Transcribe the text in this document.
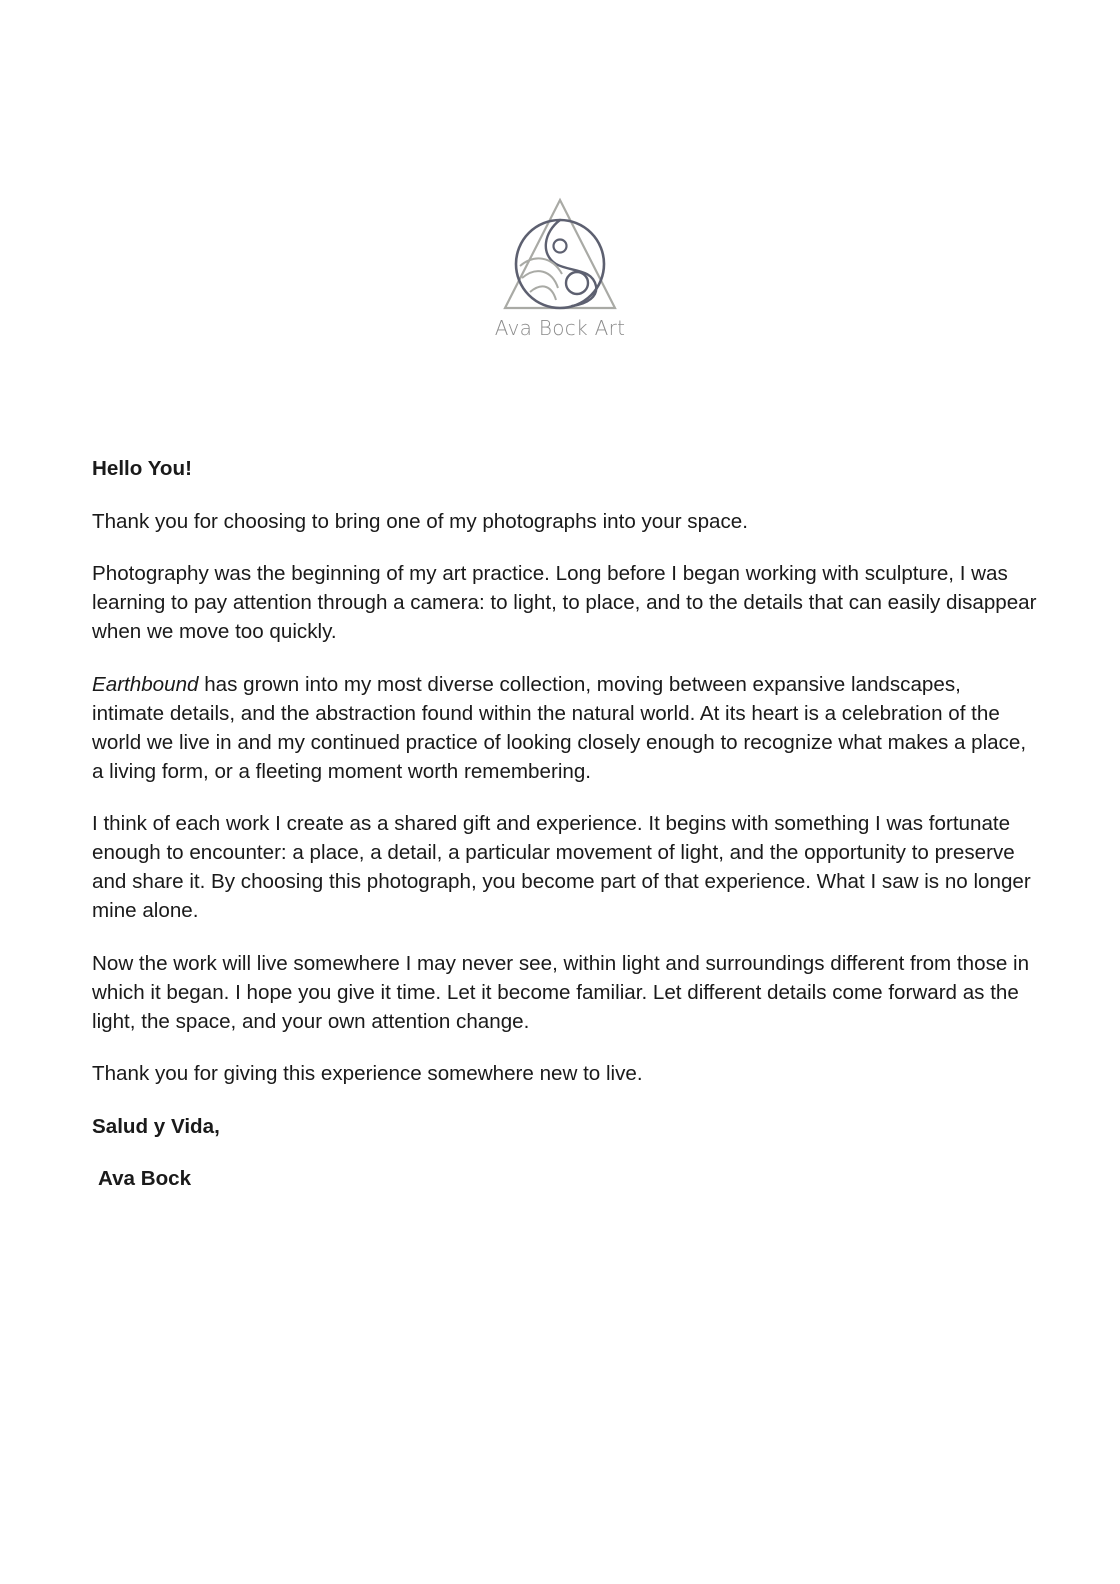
Ava Bock Art

Hello You!

Thank you for choosing to bring one of my photographs into your space.

Photography was the beginning of my art practice. Long before I began working with sculpture, I was learning to pay attention through a camera: to light, to place, and to the details that can easily disappear when we move too quickly.

Earthbound has grown into my most diverse collection, moving between expansive landscapes, intimate details, and the abstraction found within the natural world. At its heart is a celebration of the world we live in and my continued practice of looking closely enough to recognize what makes a place, a living form, or a fleeting moment worth remembering.

I think of each work I create as a shared gift and experience. It begins with something I was fortunate enough to encounter: a place, a detail, a particular movement of light, and the opportunity to preserve and share it. By choosing this photograph, you become part of that experience. What I saw is no longer mine alone.

Now the work will live somewhere I may never see, within light and surroundings different from those in which it began. I hope you give it time. Let it become familiar. Let different details come forward as the light, the space, and your own attention change.

Thank you for giving this experience somewhere new to live.

Salud y Vida,

Ava Bock
